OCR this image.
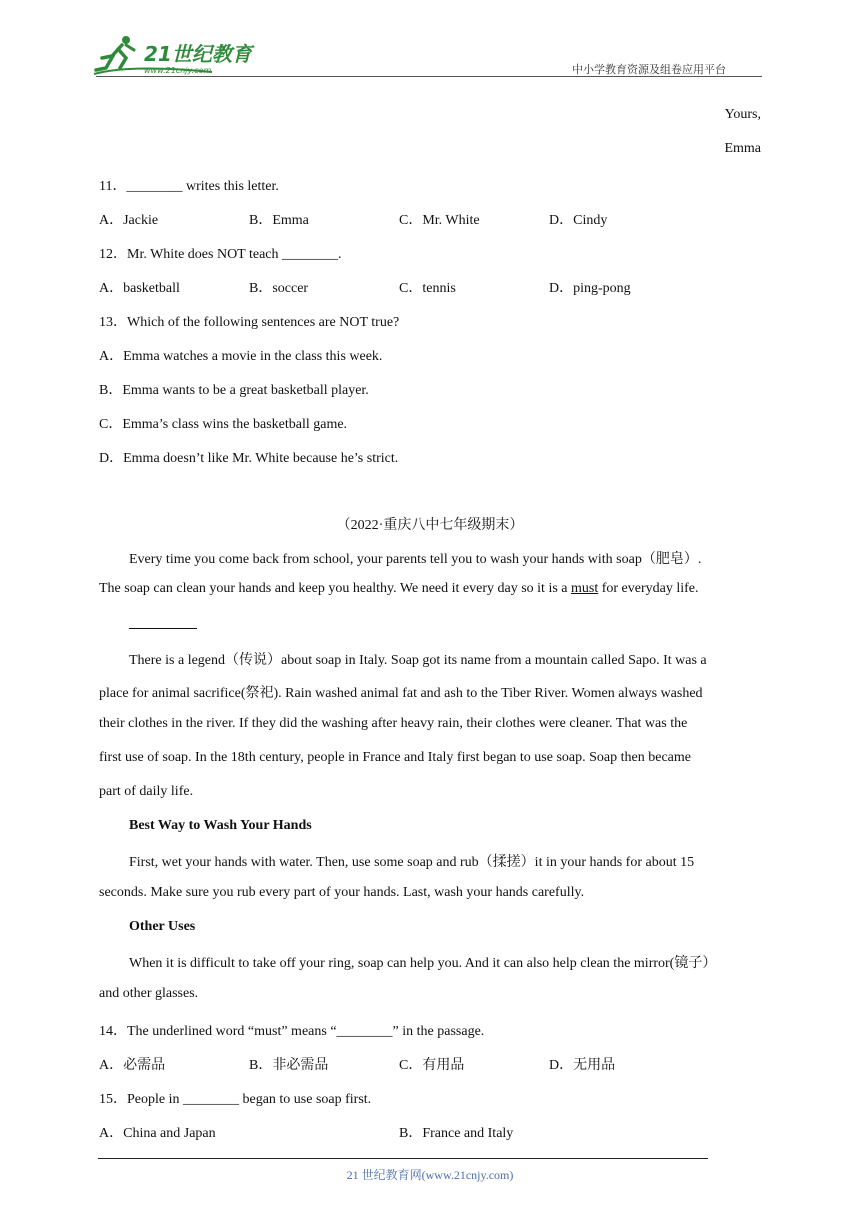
21世纪教育
www.21cnjy.com	中小学教育资源及组卷应用平台
Yours,
Emma
11．________ writes this letter.
A．Jackie	B．Emma	C．Mr. White	D．Cindy
12．Mr. White does NOT teach ________.
A．basketball	B．soccer	C．tennis	D．ping-pong
13．Which of the following sentences are NOT true?
A．Emma watches a movie in the class this week.
B．Emma wants to be a great basketball player.
C．Emma’s class wins the basketball game.
D．Emma doesn’t like Mr. White because he’s strict.
（2022·重庆八中七年级期末）
Every time you come back from school, your parents tell you to wash your hands with soap（肥皂）.
The soap can clean your hands and keep you healthy. We need it every day so it is a must for everyday life.
There is a legend（传说）about soap in Italy. Soap got its name from a mountain called Sapo. It was a
place for animal sacrifice(祭祀). Rain washed animal fat and ash to the Tiber River. Women always washed
their clothes in the river. If they did the washing after heavy rain, their clothes were cleaner. That was the
first use of soap. In the 18th century, people in France and Italy first began to use soap. Soap then became
part of daily life.
Best Way to Wash Your Hands
First, wet your hands with water. Then, use some soap and rub（揉搓）it in your hands for about 15
seconds. Make sure you rub every part of your hands. Last, wash your hands carefully.
Other Uses
When it is difficult to take off your ring, soap can help you. And it can also help clean the mirror(镜子）
and other glasses.
14．The underlined word “must” means “________” in the passage.
A．必需品	B．非必需品	C．有用品	D．无用品
15．People in ________ began to use soap first.
A．China and Japan	B．France and Italy
21 世纪教育网(www.21cnjy.com)
